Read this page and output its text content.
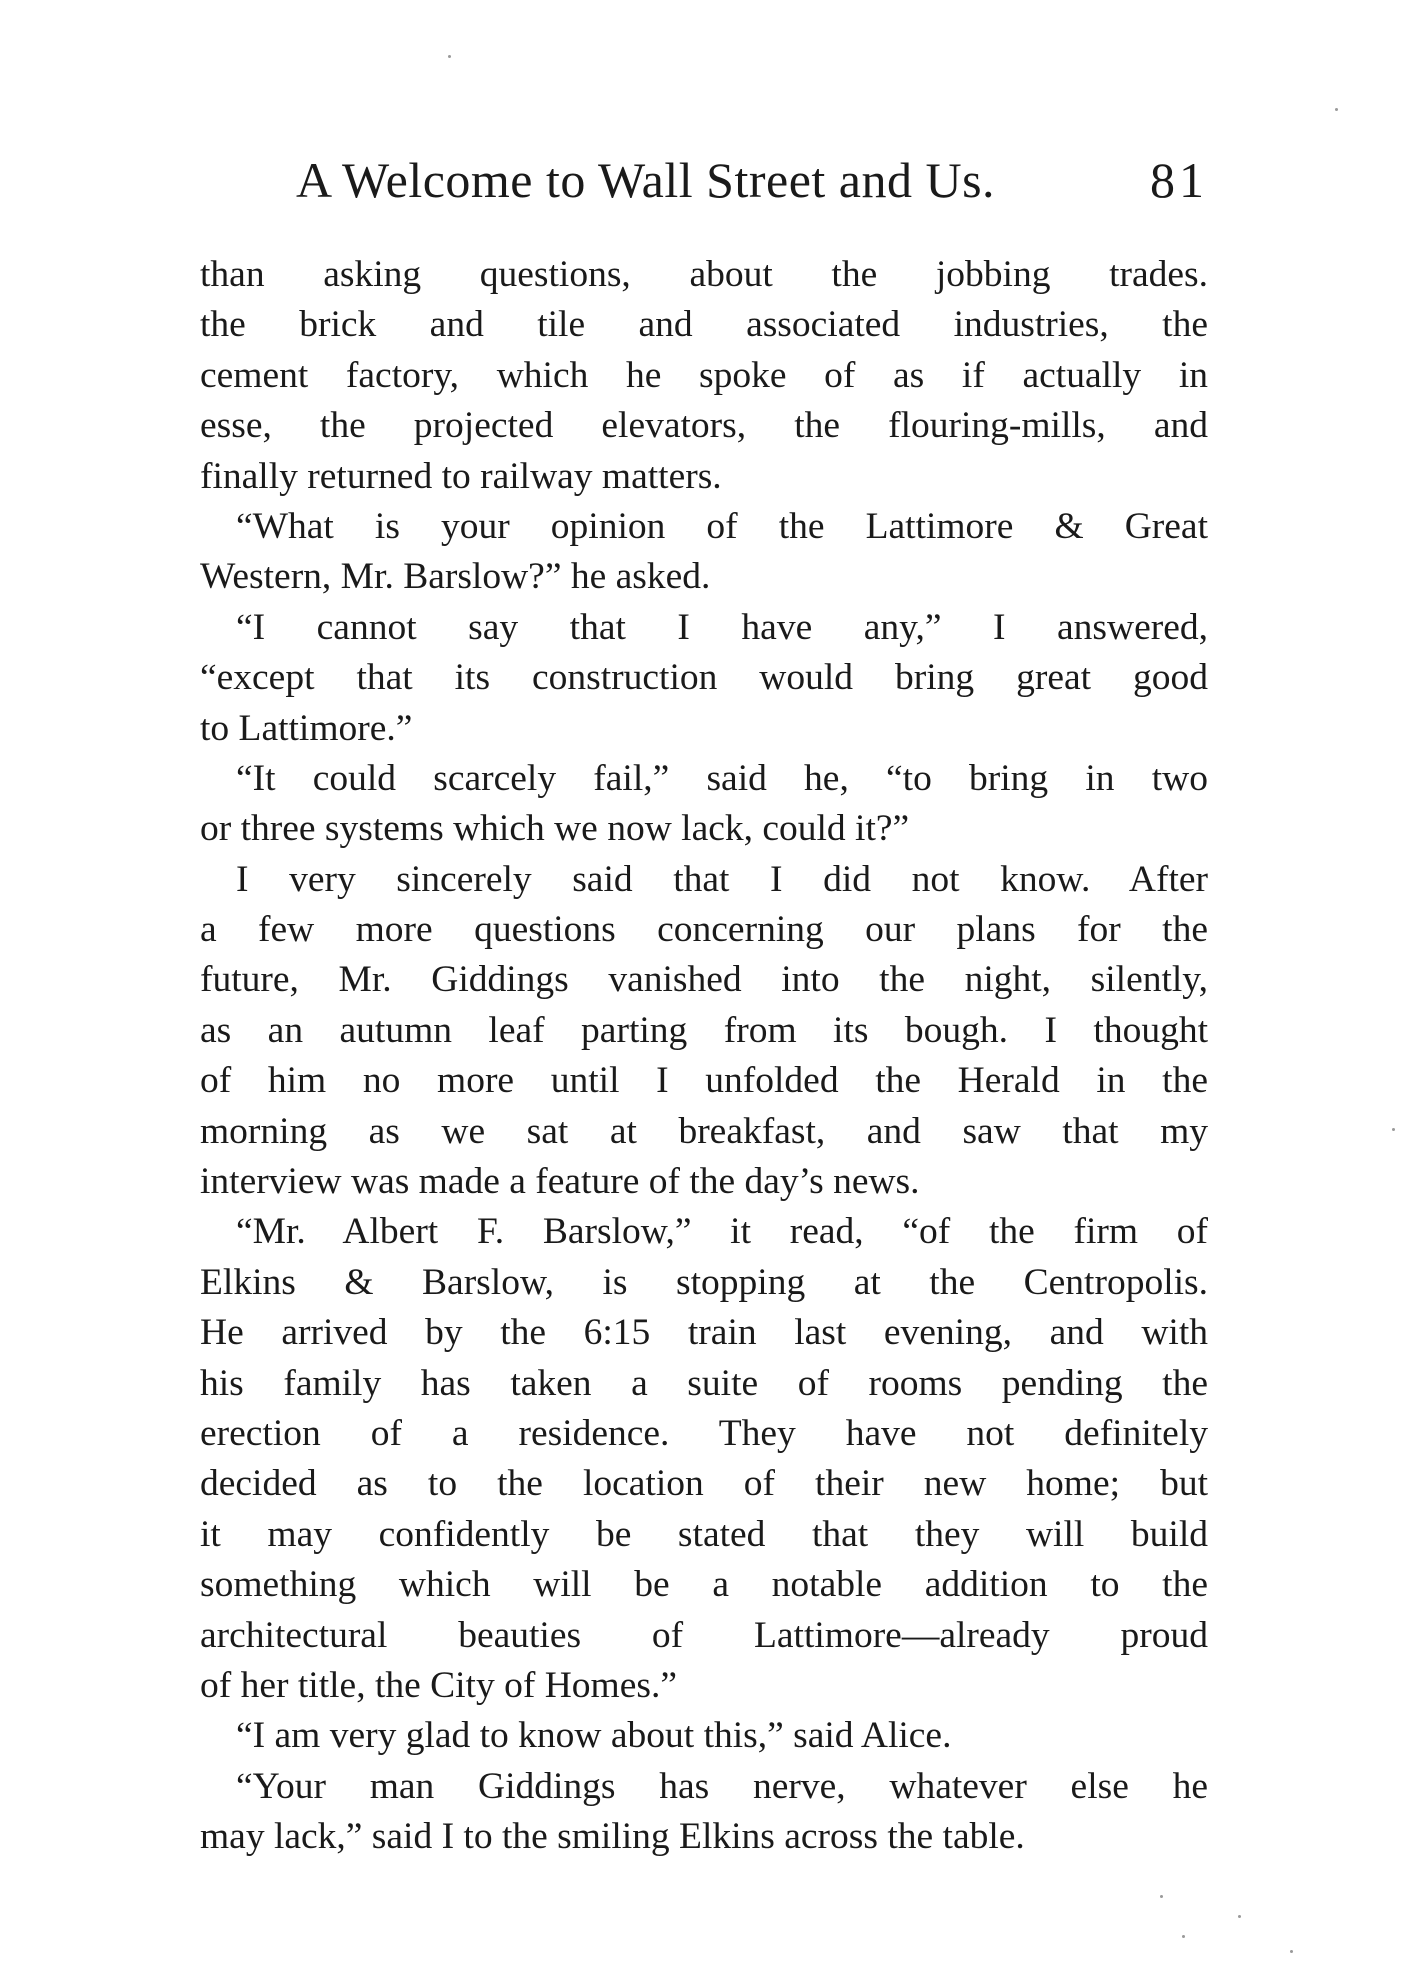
A Welcome to Wall Street and Us.	81
than asking questions, about the jobbing trades.
the brick and tile and associated industries, the
cement factory, which he spoke of as if actually in
esse, the projected elevators, the flouring-mills, and
finally returned to railway matters.
“What is your opinion of the Lattimore & Great
Western, Mr. Barslow?” he asked.
“I cannot say that I have any,” I answered,
“except that its construction would bring great good
to Lattimore.”
“It could scarcely fail,” said he, “to bring in two
or three systems which we now lack, could it?”
I very sincerely said that I did not know. After
a few more questions concerning our plans for the
future, Mr. Giddings vanished into the night, silently,
as an autumn leaf parting from its bough. I thought
of him no more until I unfolded the Herald in the
morning as we sat at breakfast, and saw that my
interview was made a feature of the day’s news.
“Mr. Albert F. Barslow,” it read, “of the firm of
Elkins & Barslow, is stopping at the Centropolis.
He arrived by the 6:15 train last evening, and with
his family has taken a suite of rooms pending the
erection of a residence. They have not definitely
decided as to the location of their new home; but
it may confidently be stated that they will build
something which will be a notable addition to the
architectural beauties of Lattimore—already proud
of her title, the City of Homes.”
“I am very glad to know about this,” said Alice.
“Your man Giddings has nerve, whatever else he
may lack,” said I to the smiling Elkins across the table.
